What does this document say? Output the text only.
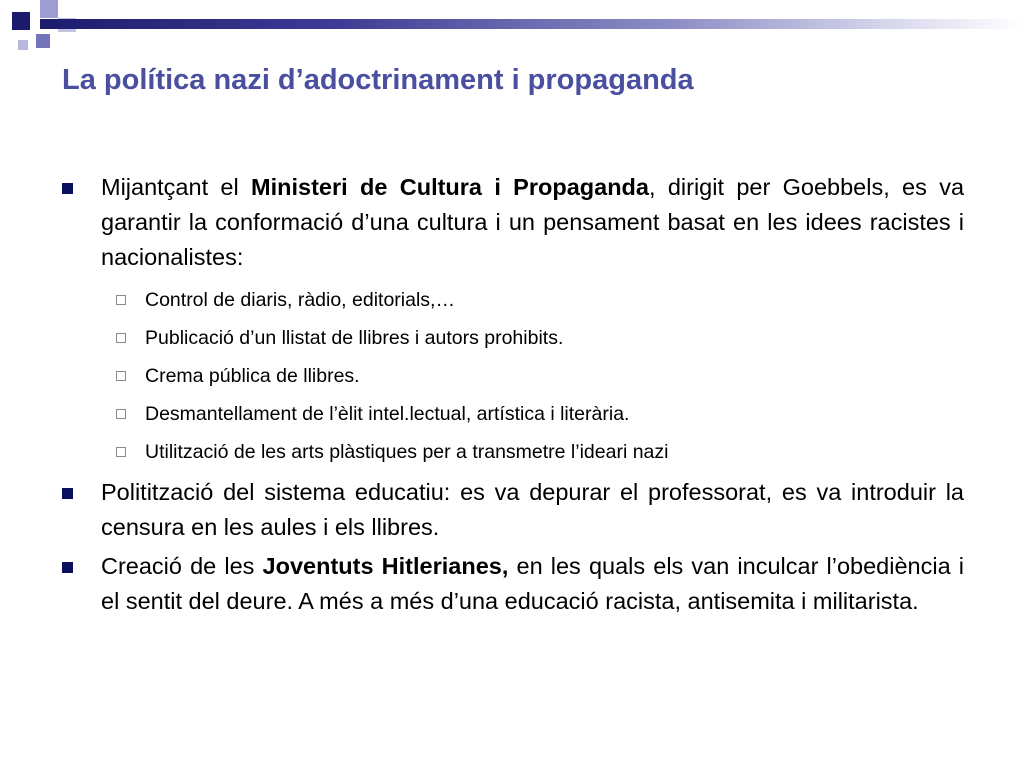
La política nazi d’adoctrinament i propaganda
Mijantçant el Ministeri de Cultura i Propaganda, dirigit per Goebbels, es va garantir la conformació d’una cultura i un pensament basat en les idees racistes i nacionalistes:
Control de diaris, ràdio, editorials,…
Publicació d’un llistat de llibres i autors prohibits.
Crema pública de llibres.
Desmantellament de l’èlit intel.lectual, artística i literària.
Utilització de les arts plàstiques per a transmetre l’ideari nazi
Politització del sistema educatiu: es va depurar el professorat, es va introduir la censura en les aules i els llibres.
Creació de les Joventuts Hitlerianes, en les quals els van inculcar l’obediència i el sentit del deure. A més a més d’una educació racista, antisemita i militarista.
